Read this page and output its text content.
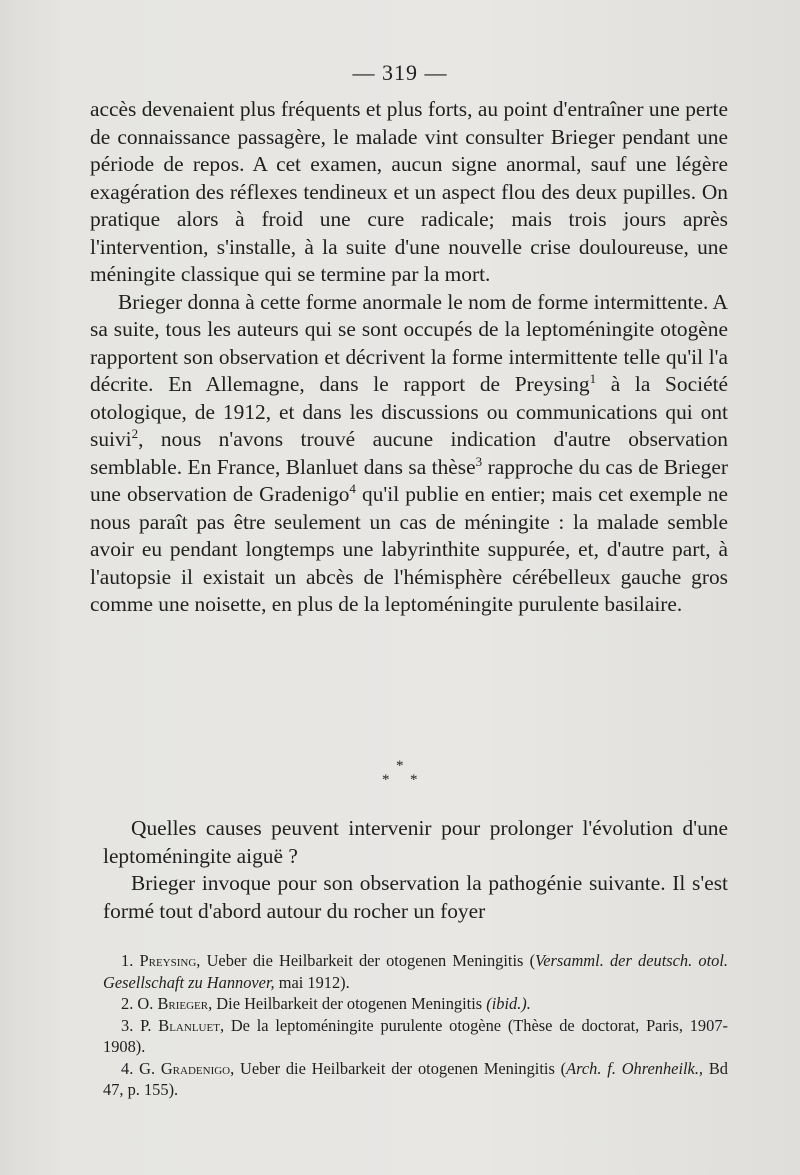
— 319 —

accès devenaient plus fréquents et plus forts, au point d'entraîner une perte de connaissance passagère, le malade vint consulter Brieger pendant une période de repos. A cet examen, aucun signe anormal, sauf une légère exagération des réflexes tendineux et un aspect flou des deux pupilles. On pratique alors à froid une cure radicale; mais trois jours après l'intervention, s'installe, à la suite d'une nouvelle crise douloureuse, une méningite classique qui se termine par la mort.

Brieger donna à cette forme anormale le nom de forme intermittente. A sa suite, tous les auteurs qui se sont occupés de la leptoméningite otogène rapportent son observation et décrivent la forme intermittente telle qu'il l'a décrite. En Allemagne, dans le rapport de Preysing$^1$ à la Société otologique, de 1912, et dans les discussions ou communications qui ont suivi$^2$, nous n'avons trouvé aucune indication d'autre observation semblable. En France, Blanluet dans sa thèse$^3$ rapproche du cas de Brieger une observation de Gradenigo$^4$ qu'il publie en entier; mais cet exemple ne nous paraît pas être seulement un cas de méningite : la malade semble avoir eu pendant longtemps une labyrinthite suppurée, et, d'autre part, à l'autopsie il existait un abcès de l'hémisphère cérébelleux gauche gros comme une noisette, en plus de la leptoméningite purulente basilaire.

*
* *

Quelles causes peuvent intervenir pour prolonger l'évolution d'une leptoméningite aiguë ?

Brieger invoque pour son observation la pathogénie suivante. Il s'est formé tout d'abord autour du rocher un foyer

1. Preysing, Ueber die Heilbarkeit der otogenen Meningitis (Versamml. der deutsch. otol. Gesellschaft zu Hannover, mai 1912).

2. O. Brieger, Die Heilbarkeit der otogenen Meningitis (ibid.).

3. P. Blanluet, De la leptoméningite purulente otogène (Thèse de doctorat, Paris, 1907-1908).

4. G. Gradenigo, Ueber die Heilbarkeit der otogenen Meningitis (Arch. f. Ohrenheilk., Bd 47, p. 155).
